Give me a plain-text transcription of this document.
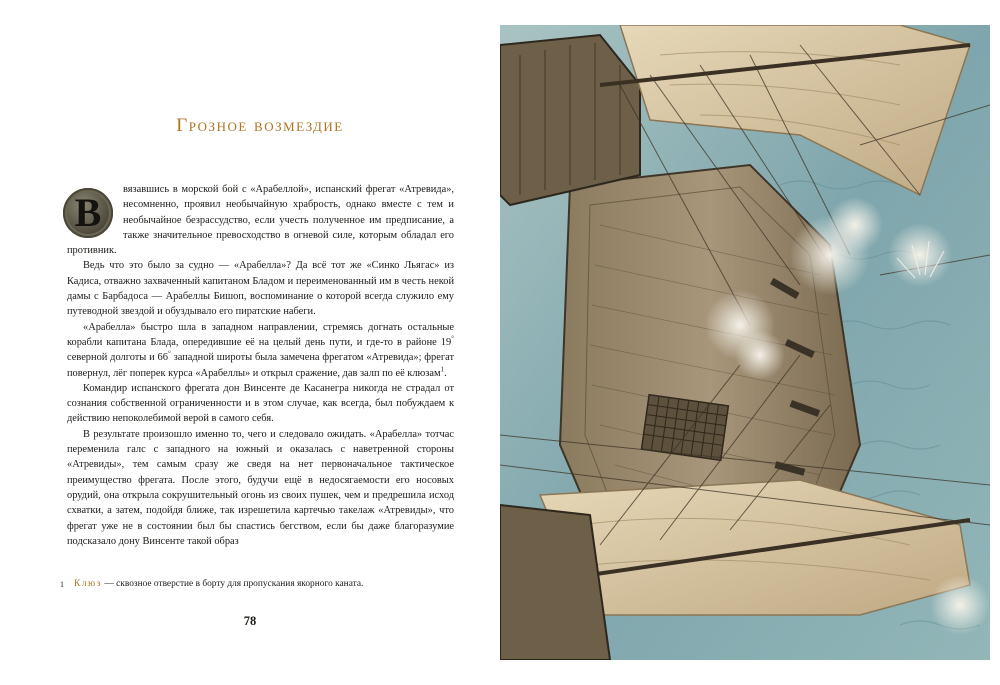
Грозное возмездие
В

вязавшись в морской бой с «Арабеллой», испанский фрегат «Атревида», несомненно, проявил необычайную храбрость, однако вместе с тем и необычайное безрассудство, если учесть полученное им предписание, а также значительное превосходство в огневой силе, которым обладал его противник.

Ведь что это было за судно — «Арабелла»? Да всё тот же «Синко Льягас» из Кадиса, отважно захваченный капитаном Бладом и переименованный им в честь некой дамы с Барбадоса — Арабеллы Бишоп, воспоминание о которой всегда служило ему путеводной звездой и обуздывало его пиратские набеги.

«Арабелла» быстро шла в западном направлении, стремясь догнать остальные корабли капитана Блада, опередившие её на целый день пути, и где-то в районе 19° северной долготы и 66° западной широты была замечена фрегатом «Атревида»; фрегат повернул, лёг поперек курса «Арабеллы» и открыл сражение, дав залп по её клюзам$^1$.

Командир испанского фрегата дон Винсенте де Касанегра никогда не страдал от сознания собственной ограниченности и в этом случае, как всегда, был побуждаем к действию непоколебимой верой в самого себя.

В результате произошло именно то, чего и следовало ожидать. «Арабелла» тотчас переменила галс с западного на южный и оказалась с наветренной стороны «Атревиды», тем самым сразу же сведя на нет первоначальное тактическое преимущество фрегата. После этого, будучи ещё в недосягаемости его носовых орудий, она открыла сокрушительный огонь из своих пушек, чем и предрешила исход схватки, а затем, подойдя ближе, так изрешетила картечью такелаж «Атревиды», что фрегат уже не в состоянии был бы спастись бегством, если бы даже благоразумие подсказало дону Винсенте такой образ

1 Клюз — сквозное отверстие в борту для пропускания якорного каната.
78
